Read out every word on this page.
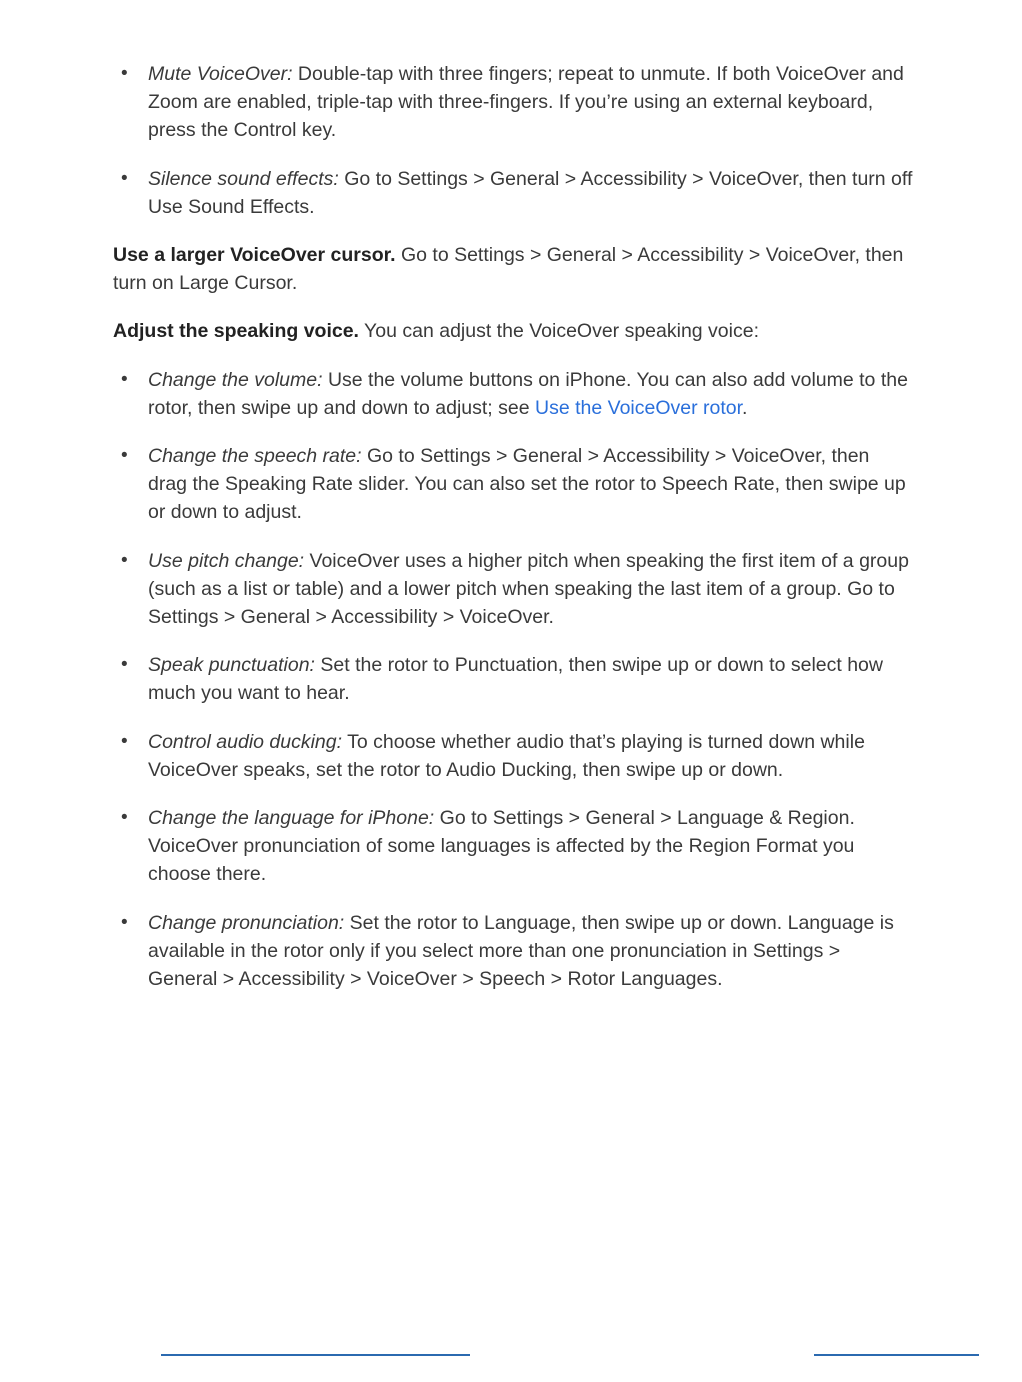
• Mute VoiceOver: Double-tap with three fingers; repeat to unmute. If both VoiceOver and Zoom are enabled, triple-tap with three-fingers. If you’re using an external keyboard, press the Control key.
• Silence sound effects: Go to Settings > General > Accessibility > VoiceOver, then turn off Use Sound Effects.

Use a larger VoiceOver cursor. Go to Settings > General > Accessibility > VoiceOver, then turn on Large Cursor.

Adjust the speaking voice. You can adjust the VoiceOver speaking voice:

• Change the volume: Use the volume buttons on iPhone. You can also add volume to the rotor, then swipe up and down to adjust; see Use the VoiceOver rotor.
• Change the speech rate: Go to Settings > General > Accessibility > VoiceOver, then drag the Speaking Rate slider. You can also set the rotor to Speech Rate, then swipe up or down to adjust.
• Use pitch change: VoiceOver uses a higher pitch when speaking the first item of a group (such as a list or table) and a lower pitch when speaking the last item of a group. Go to Settings > General > Accessibility > VoiceOver.
• Speak punctuation: Set the rotor to Punctuation, then swipe up or down to select how much you want to hear.
• Control audio ducking: To choose whether audio that’s playing is turned down while VoiceOver speaks, set the rotor to Audio Ducking, then swipe up or down.
• Change the language for iPhone: Go to Settings > General > Language & Region. VoiceOver pronunciation of some languages is affected by the Region Format you choose there.
• Change pronunciation: Set the rotor to Language, then swipe up or down. Language is available in the rotor only if you select more than one pronunciation in Settings > General > Accessibility > VoiceOver > Speech > Rotor Languages.
